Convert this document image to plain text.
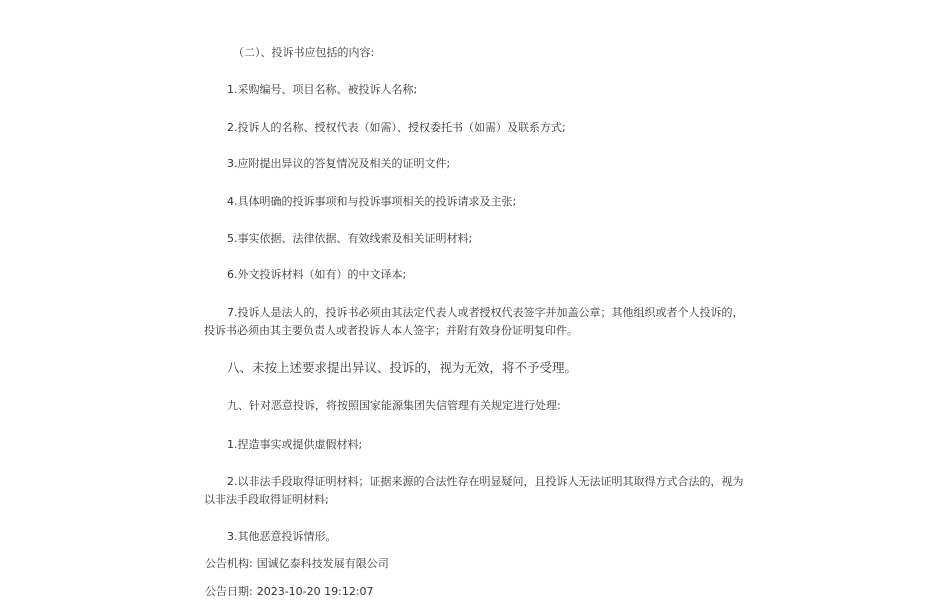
（二）、投诉书应包括的内容:
1.采购编号、项目名称、被投诉人名称;
2.投诉人的名称、授权代表（如需）、授权委托书（如需）及联系方式;
3.应附提出异议的答复情况及相关的证明文件;
4.具体明确的投诉事项和与投诉事项相关的投诉请求及主张;
5.事实依据、法律依据、有效线索及相关证明材料;
6.外文投诉材料（如有）的中文译本;
7.投诉人是法人的，投诉书必须由其法定代表人或者授权代表签字并加盖公章；其他组织或者个人投诉的，投诉书必须由其主要负责人或者投诉人本人签字；并附有效身份证明复印件。
八、未按上述要求提出异议、投诉的，视为无效，将不予受理。
九、针对恶意投诉，将按照国家能源集团失信管理有关规定进行处理:
1.捏造事实或提供虚假材料;
2.以非法手段取得证明材料；证据来源的合法性存在明显疑问，且投诉人无法证明其取得方式合法的，视为以非法手段取得证明材料;
3.其他恶意投诉情形。
公告机构: 国诚亿泰科技发展有限公司
公告日期: 2023-10-20 19:12:07
